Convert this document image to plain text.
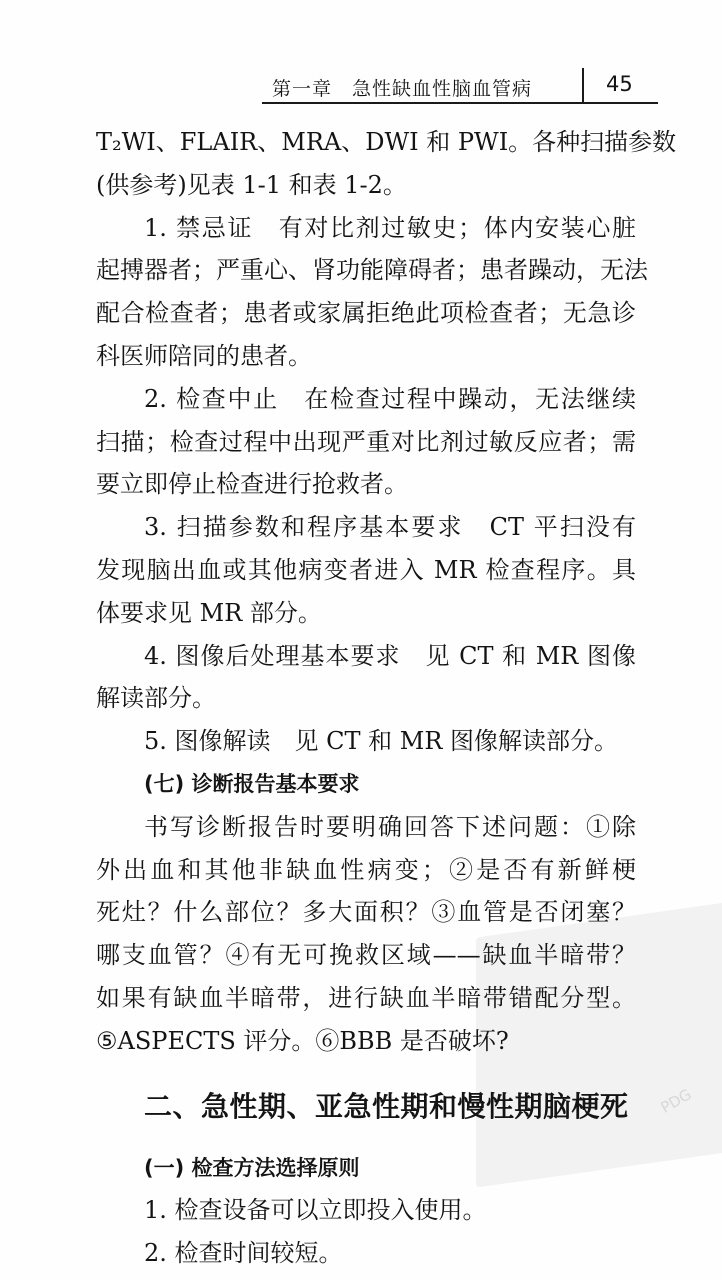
PDG
第一章　急性缺血性脑血管病	45
T₂WI、FLAIR、MRA、DWI 和 PWI。各种扫描参数
(供参考)见表 1-1 和表 1-2。
1. 禁忌证　有对比剂过敏史；体内安装心脏
起搏器者；严重心、肾功能障碍者；患者躁动，无法
配合检查者；患者或家属拒绝此项检查者；无急诊
科医师陪同的患者。
2. 检查中止　在检查过程中躁动，无法继续
扫描；检查过程中出现严重对比剂过敏反应者；需
要立即停止检查进行抢救者。
3. 扫描参数和程序基本要求　CT 平扫没有
发现脑出血或其他病变者进入 MR 检查程序。具
体要求见 MR 部分。
4. 图像后处理基本要求　见 CT 和 MR 图像
解读部分。
5. 图像解读　见 CT 和 MR 图像解读部分。
(七) 诊断报告基本要求
书写诊断报告时要明确回答下述问题：①除
外出血和其他非缺血性病变；②是否有新鲜梗
死灶？什么部位？多大面积？③血管是否闭塞？
哪支血管？④有无可挽救区域——缺血半暗带？
如果有缺血半暗带，进行缺血半暗带错配分型。
⑤ASPECTS 评分。⑥BBB 是否破坏?
二、急性期、亚急性期和慢性期脑梗死
(一) 检查方法选择原则
1. 检查设备可以立即投入使用。
2. 检查时间较短。
